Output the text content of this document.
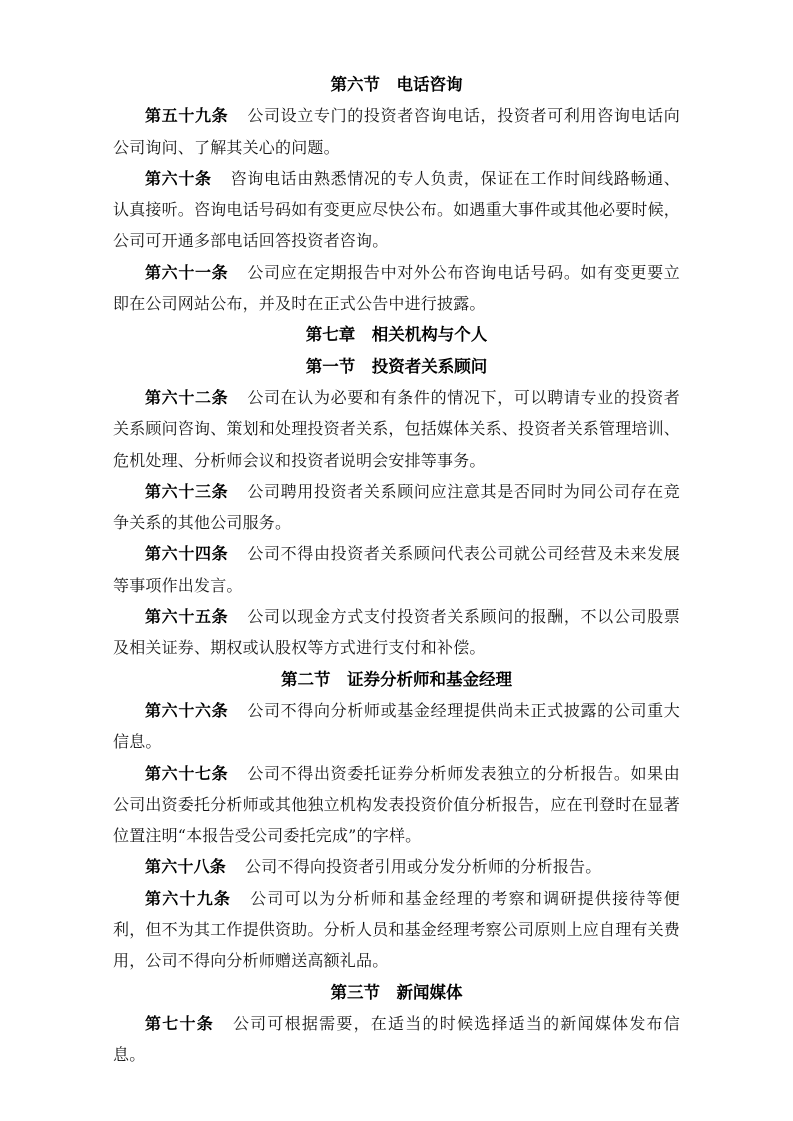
第六节　电话咨询

第五十九条 公司设立专门的投资者咨询电话，投资者可利用咨询电话向公司询问、了解其关心的问题。

第六十条 咨询电话由熟悉情况的专人负责，保证在工作时间线路畅通、认真接听。咨询电话号码如有变更应尽快公布。如遇重大事件或其他必要时候，公司可开通多部电话回答投资者咨询。

第六十一条 公司应在定期报告中对外公布咨询电话号码。如有变更要立即在公司网站公布，并及时在正式公告中进行披露。

第七章　相关机构与个人
第一节　投资者关系顾问

第六十二条 公司在认为必要和有条件的情况下，可以聘请专业的投资者关系顾问咨询、策划和处理投资者关系，包括媒体关系、投资者关系管理培训、危机处理、分析师会议和投资者说明会安排等事务。

第六十三条 公司聘用投资者关系顾问应注意其是否同时为同公司存在竞争关系的其他公司服务。

第六十四条 公司不得由投资者关系顾问代表公司就公司经营及未来发展等事项作出发言。

第六十五条 公司以现金方式支付投资者关系顾问的报酬，不以公司股票及相关证券、期权或认股权等方式进行支付和补偿。

第二节　证券分析师和基金经理

第六十六条 公司不得向分析师或基金经理提供尚未正式披露的公司重大信息。

第六十七条 公司不得出资委托证券分析师发表独立的分析报告。如果由公司出资委托分析师或其他独立机构发表投资价值分析报告，应在刊登时在显著位置注明“本报告受公司委托完成”的字样。

第六十八条 公司不得向投资者引用或分发分析师的分析报告。

第六十九条 公司可以为分析师和基金经理的考察和调研提供接待等便利，但不为其工作提供资助。分析人员和基金经理考察公司原则上应自理有关费用，公司不得向分析师赠送高额礼品。

第三节　新闻媒体

第七十条 公司可根据需要，在适当的时候选择适当的新闻媒体发布信息。
